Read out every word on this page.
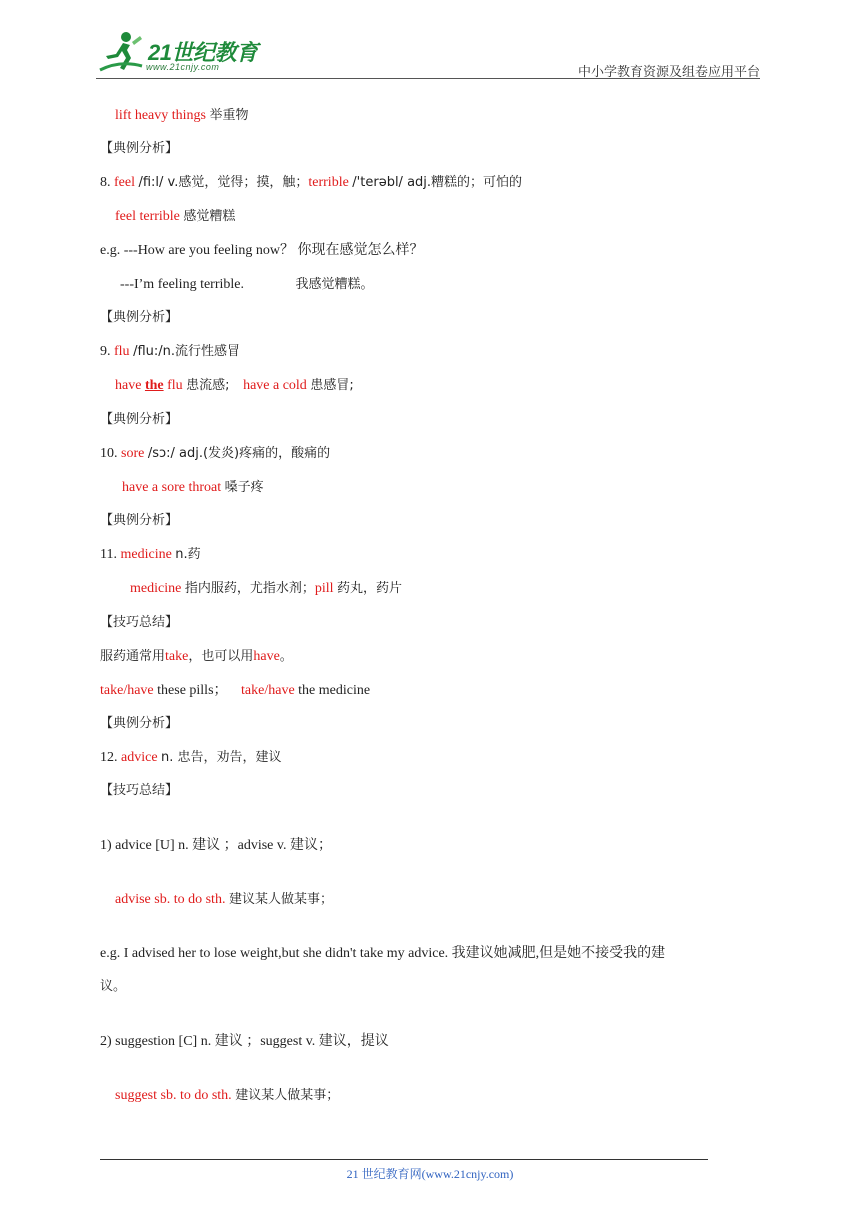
21世纪教育
www.21cnjy.com	中小学教育资源及组卷应用平台
lift heavy things 举重物
【典例分析】
8. feel /fi:l/ v.感觉，觉得；摸，触；terrible /'terəbl/ adj.糟糕的；可怕的
feel terrible 感觉糟糕
e.g. ---How are you feeling now？ 你现在感觉怎么样？
---I’m feeling terrible.	我感觉糟糕。
【典例分析】
9. flu /flu:/n.流行性感冒
have the flu 患流感; have a cold 患感冒;
【典例分析】
10. sore /sɔ:/ adj.(发炎)疼痛的，酸痛的
have a sore throat 嗓子疼
【典例分析】
11. medicine n.药
medicine 指内服药，尤指水剂；pill 药丸，药片
【技巧总结】
服药通常用take，也可以用have。
take/have these pills； take/have the medicine
【典例分析】
12. advice n. 忠告，劝告，建议
【技巧总结】
1) advice [U] n. 建议 ；advise v. 建议；
advise sb. to do sth. 建议某人做某事；
e.g. I advised her to lose weight,but she didn't take my advice. 我建议她减肥,但是她不接受我的建
议。
2) suggestion [C] n. 建议 ；suggest v. 建议，提议
suggest sb. to do sth. 建议某人做某事；
21 世纪教育网(www.21cnjy.com)
